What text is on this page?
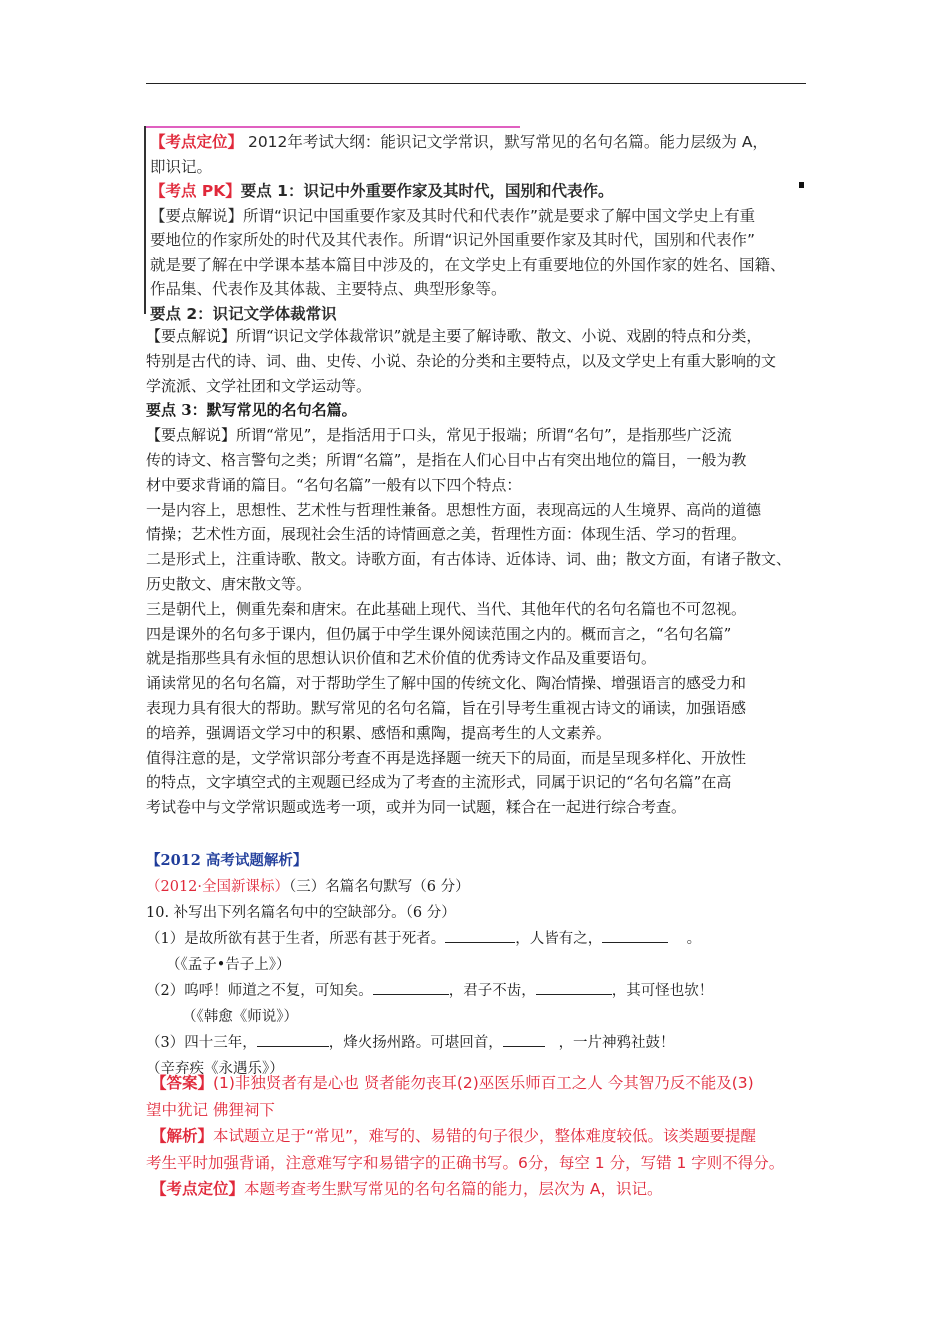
【考点定位】 2012年考试大纲：能识记文学常识，默写常见的名句名篇。能力层级为 A，
即识记。
【考点 PK】要点 1：识记中外重要作家及其时代，国别和代表作。
【要点解说】所谓“识记中国重要作家及其时代和代表作”就是要求了解中国文学史上有重
要地位的作家所处的时代及其代表作。所谓“识记外国重要作家及其时代，国别和代表作”
就是要了解在中学课本基本篇目中涉及的，在文学史上有重要地位的外国作家的姓名、国籍、
作品集、代表作及其体裁、主要特点、典型形象等。
要点 2：识记文学体裁常识
【要点解说】所谓“识记文学体裁常识”就是主要了解诗歌、散文、小说、戏剧的特点和分类，
特别是古代的诗、词、曲、史传、小说、杂论的分类和主要特点，以及文学史上有重大影响的文
学流派、文学社团和文学运动等。
要点 3：默写常见的名句名篇。
【要点解说】所谓“常见”，是指活用于口头，常见于报端；所谓“名句”，是指那些广泛流
传的诗文、格言警句之类；所谓“名篇”，是指在人们心目中占有突出地位的篇目，一般为教
材中要求背诵的篇目。“名句名篇”一般有以下四个特点：
一是内容上，思想性、艺术性与哲理性兼备。思想性方面，表现高远的人生境界、高尚的道德
情操；艺术性方面，展现社会生活的诗情画意之美，哲理性方面：体现生活、学习的哲理。
二是形式上，注重诗歌、散文。诗歌方面，有古体诗、近体诗、词、曲；散文方面，有诸子散文、
历史散文、唐宋散文等。
三是朝代上，侧重先秦和唐宋。在此基础上现代、当代、其他年代的名句名篇也不可忽视。
四是课外的名句多于课内，但仍属于中学生课外阅读范围之内的。概而言之，“名句名篇”
就是指那些具有永恒的思想认识价值和艺术价值的优秀诗文作品及重要语句。
诵读常见的名句名篇，对于帮助学生了解中国的传统文化、陶冶情操、增强语言的感受力和
表现力具有很大的帮助。默写常见的名句名篇，旨在引导考生重视古诗文的诵读，加强语感
的培养，强调语文学习中的积累、感悟和熏陶，提高考生的人文素养。
值得注意的是，文学常识部分考查不再是选择题一统天下的局面，而是呈现多样化、开放性
的特点，文字填空式的主观题已经成为了考查的主流形式，同属于识记的“名句名篇”在高
考试卷中与文学常识题或选考一项，或并为同一试题，糅合在一起进行综合考查。
【2012 高考试题解析】
（2012·全国新课标）（三）名篇名句默写（6 分）
10. 补写出下列名篇名句中的空缺部分。（6 分）
（1）是故所欲有甚于生者，所恶有甚于死者。	，人皆有之，	。
（《孟子•告子上》）
（2）呜呼！师道之不复，可知矣。	，君子不齿，	，其可怪也欤！
（《韩愈《师说》）
（3）四十三年，	，烽火扬州路。可堪回首，	，一片神鸦社鼓！
（辛弃疾《永遇乐》）
【答案】(1)非独贤者有是心也 贤者能勿丧耳(2)巫医乐师百工之人 今其智乃反不能及(3)
望中犹记 佛狸祠下
【解析】本试题立足于“常见”，难写的、易错的句子很少，整体难度较低。该类题要提醒
考生平时加强背诵，注意难写字和易错字的正确书写。6分，每空 1 分，写错 1 字则不得分。
【考点定位】本题考查考生默写常见的名句名篇的能力，层次为 A，识记。
